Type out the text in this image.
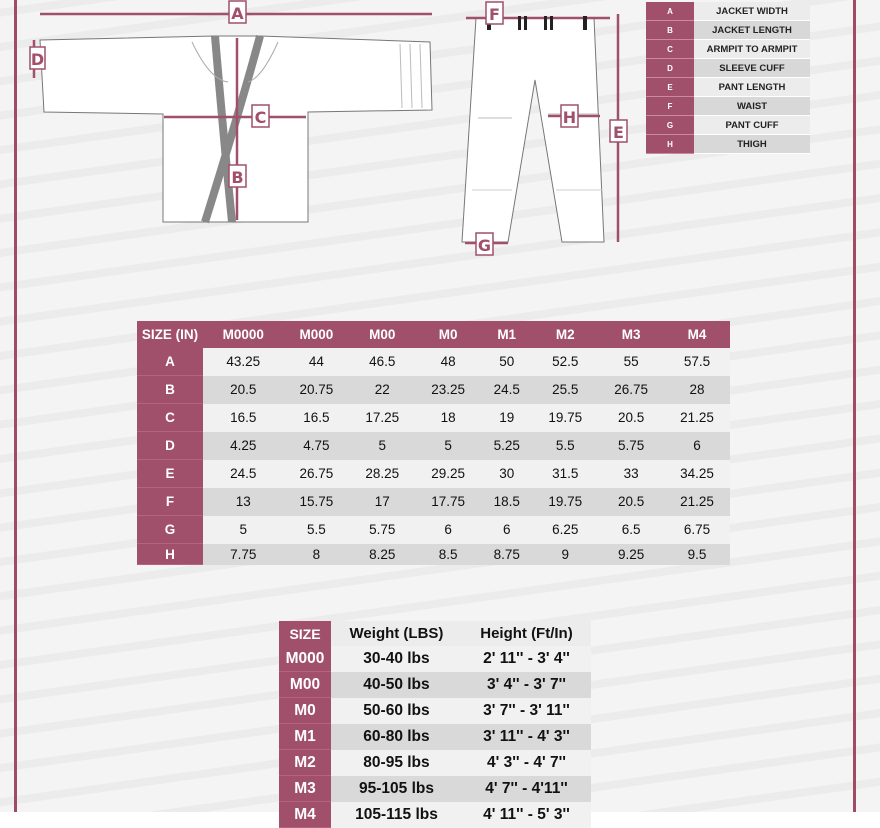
A
B
C
D
E
F
G
H
A	JACKET WIDTH
B	JACKET LENGTH
C	ARMPIT TO ARMPIT
D	SLEEVE CUFF
E	PANT LENGTH
F	WAIST
G	PANT CUFF
H	THIGH
SIZE (IN)	M0000	M000	M00	M0	M1	M2	M3	M4
A	43.25	44	46.5	48	50	52.5	55	57.5
B	20.5	20.75	22	23.25	24.5	25.5	26.75	28
C	16.5	16.5	17.25	18	19	19.75	20.5	21.25
D	4.25	4.75	5	5	5.25	5.5	5.75	6
E	24.5	26.75	28.25	29.25	30	31.5	33	34.25
F	13	15.75	17	17.75	18.5	19.75	20.5	21.25
G	5	5.5	5.75	6	6	6.25	6.5	6.75
H	7.75	8	8.25	8.5	8.75	9	9.25	9.5
SIZE	Weight (LBS)	Height (Ft/In)
M000	30-40 lbs	2' 11'' - 3' 4''
M00	40-50 lbs	3' 4'' - 3' 7''
M0	50-60 lbs	3' 7'' - 3' 11''
M1	60-80 lbs	3' 11'' - 4' 3''
M2	80-95 lbs	4' 3'' - 4' 7''
M3	95-105 lbs	4' 7'' - 4'11''
M4	105-115 lbs	4' 11'' - 5' 3''
